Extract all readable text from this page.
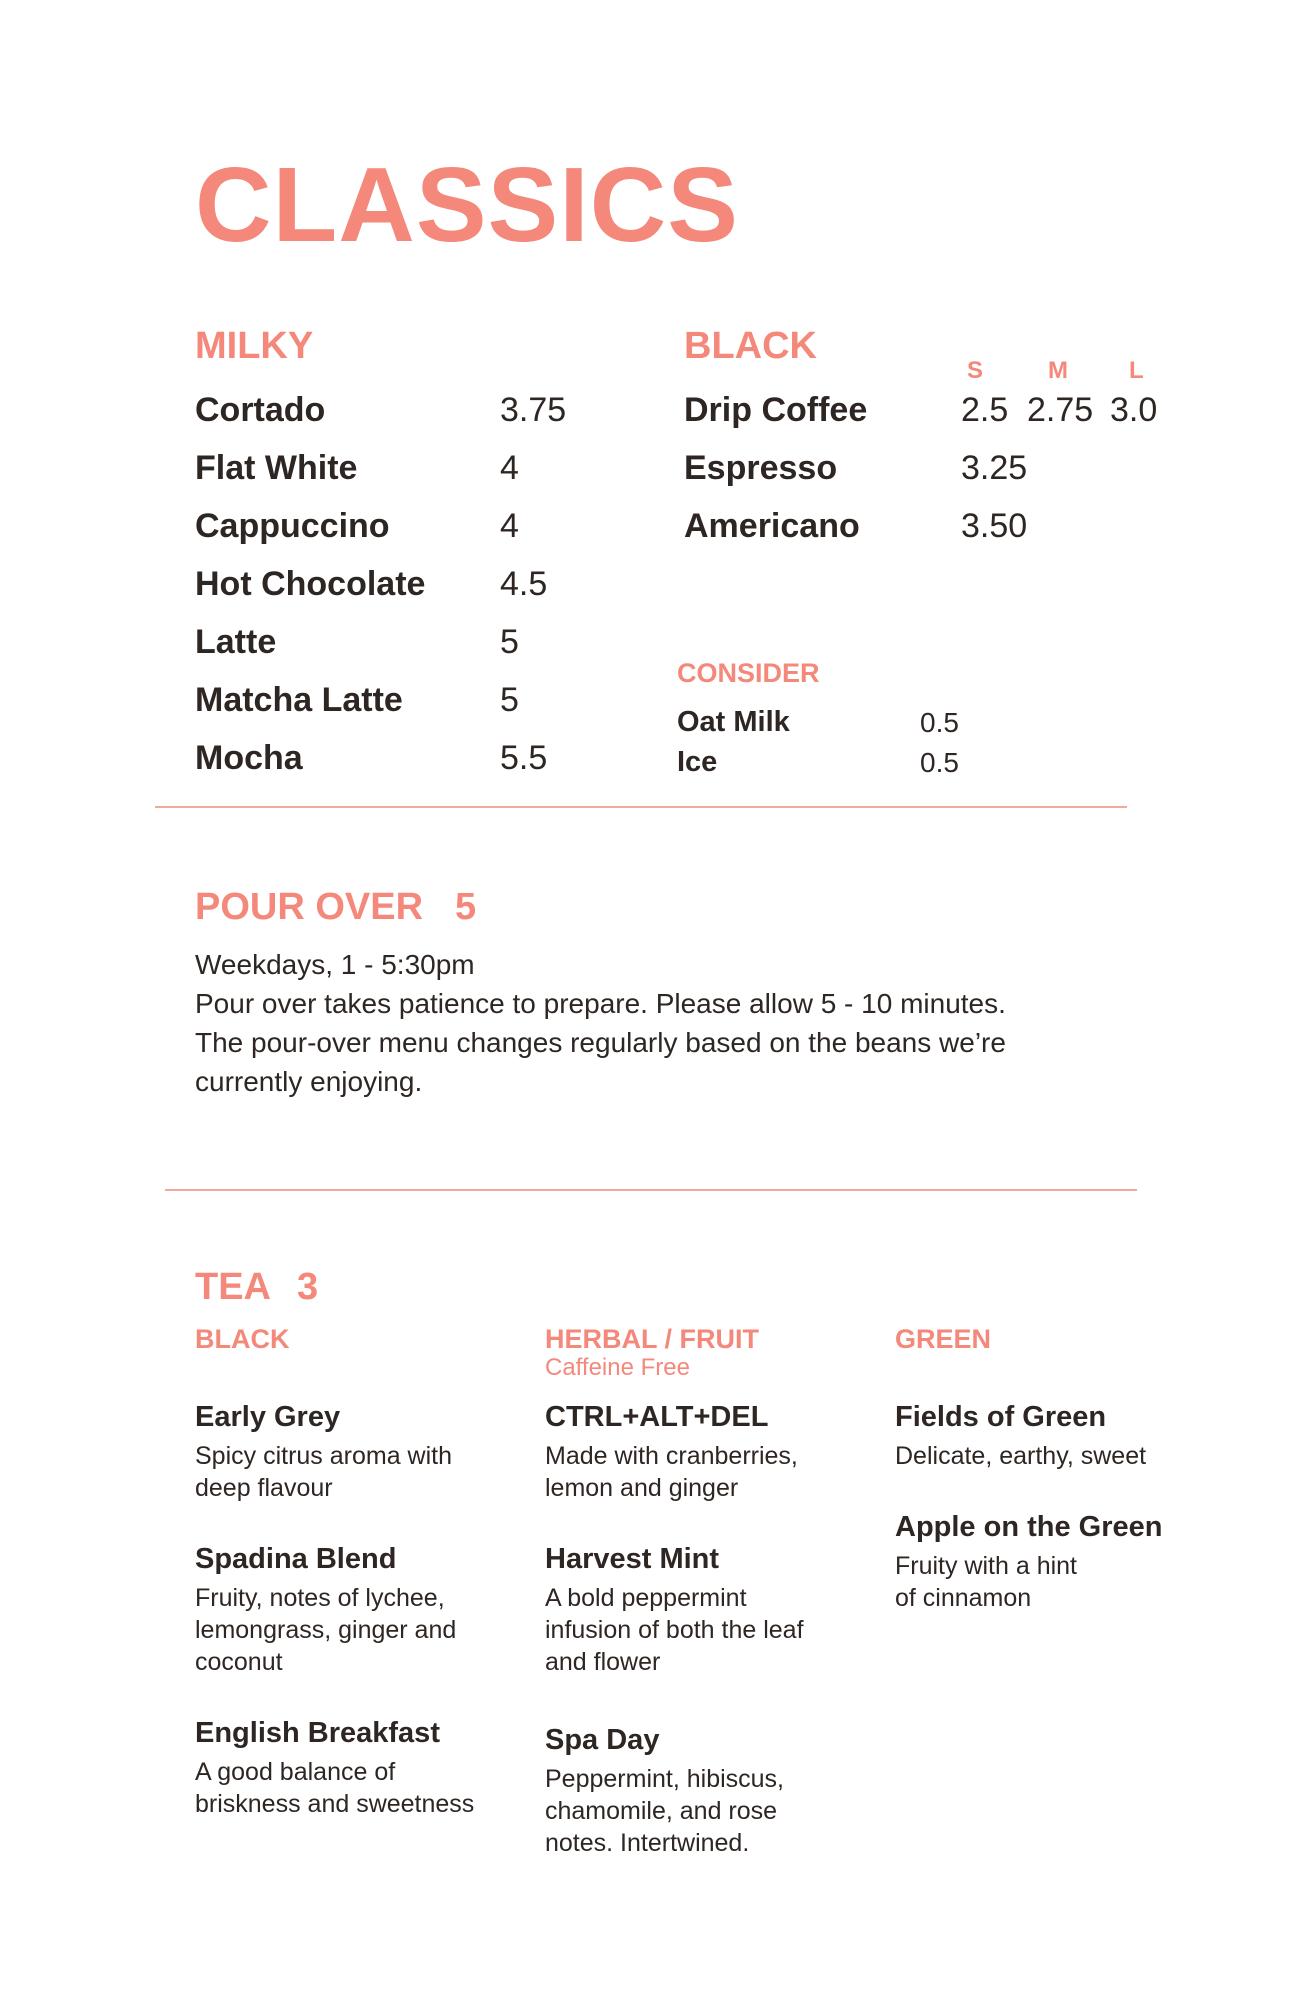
CLASSICS
MILKY
Cortado	3.75
Flat White	4
Cappuccino	4
Hot Chocolate 4.5
Latte	5
Matcha Latte	5
Mocha	5.5
BLACK
S	M	L
Drip Coffee	2.5 2.75 3.0
Espresso	3.25
Americano	3.50
CONSIDER
Oat Milk	0.5
Ice	0.5
POUR OVER 5
Weekdays, 1 - 5:30pm
Pour over takes patience to prepare. Please allow 5 - 10 minutes.
The pour-over menu changes regularly based on the beans we’re
currently enjoying.
TEA 3
BLACK
Early Grey
Spicy citrus aroma with
deep flavour
Spadina Blend
Fruity, notes of lychee,
lemongrass, ginger and
coconut
English Breakfast
A good balance of
briskness and sweetness
HERBAL / FRUIT
Caffeine Free
CTRL+ALT+DEL
Made with cranberries,
lemon and ginger
Harvest Mint
A bold peppermint
infusion of both the leaf
and flower
Spa Day
Peppermint, hibiscus,
chamomile, and rose
notes. Intertwined.
GREEN
Fields of Green
Delicate, earthy, sweet
Apple on the Green
Fruity with a hint
of cinnamon
